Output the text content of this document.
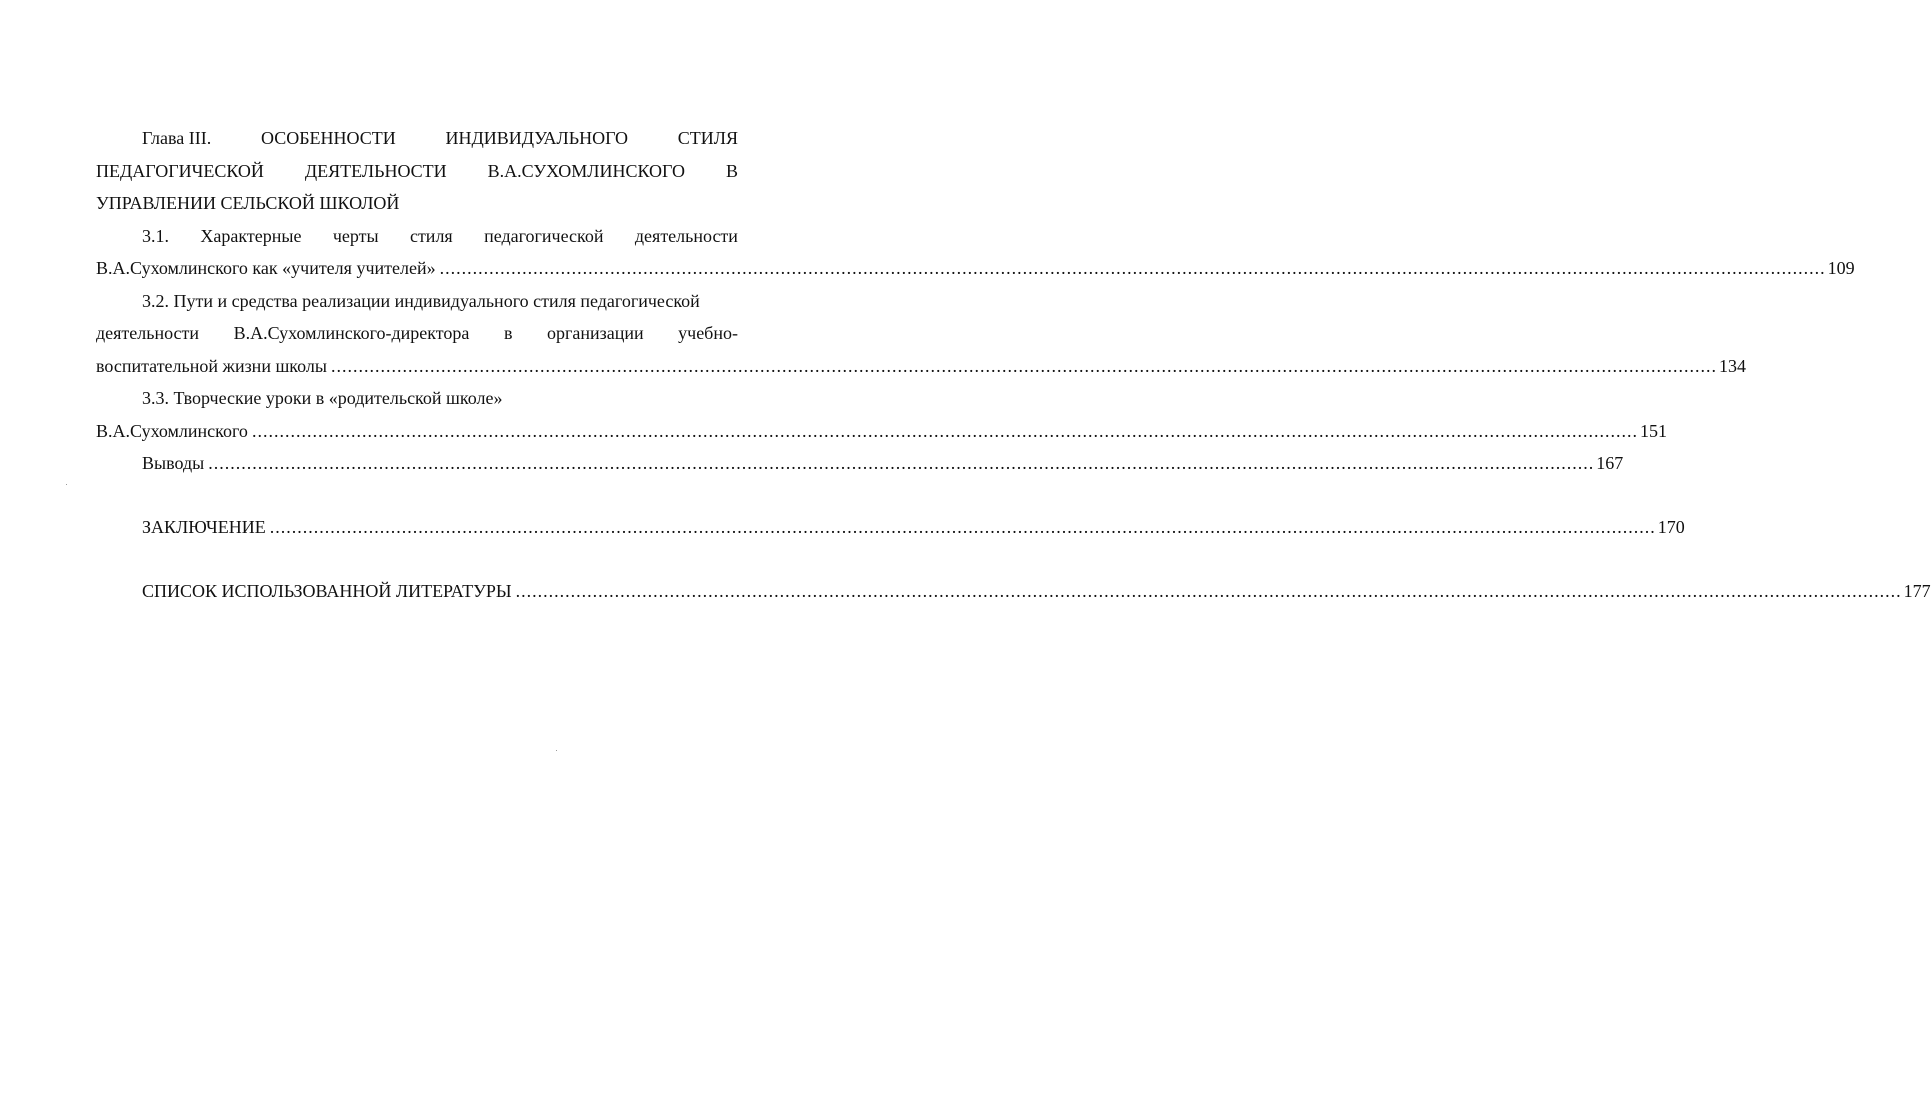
Глава III.	ОСОБЕННОСТИ	ИНДИВИДУАЛЬНОГО	СТИЛЯ
ПЕДАГОГИЧЕСКОЙ ДЕЯТЕЛЬНОСТИ В.А.СУХОМЛИНСКОГО В
УПРАВЛЕНИИ СЕЛЬСКОЙ ШКОЛОЙ
3.1. Характерные черты стиля педагогической деятельности
В.А.Сухомлинского как «учителя учителей» ............................................................................................................................................................................................................................................................ 109
3.2. Пути и средства реализации индивидуального стиля педагогической
деятельности В.А.Сухомлинского-директора в организации учебно-
воспитательной жизни школы ............................................................................................................................................................................................................................................................ 134
3.3. Творческие уроки в «родительской школе»
В.А.Сухомлинского ............................................................................................................................................................................................................................................................ 151
Выводы ............................................................................................................................................................................................................................................................ 167
ЗАКЛЮЧЕНИЕ ............................................................................................................................................................................................................................................................ 170
СПИСОК ИСПОЛЬЗОВАННОЙ ЛИТЕРАТУРЫ ............................................................................................................................................................................................................................................................ 177
